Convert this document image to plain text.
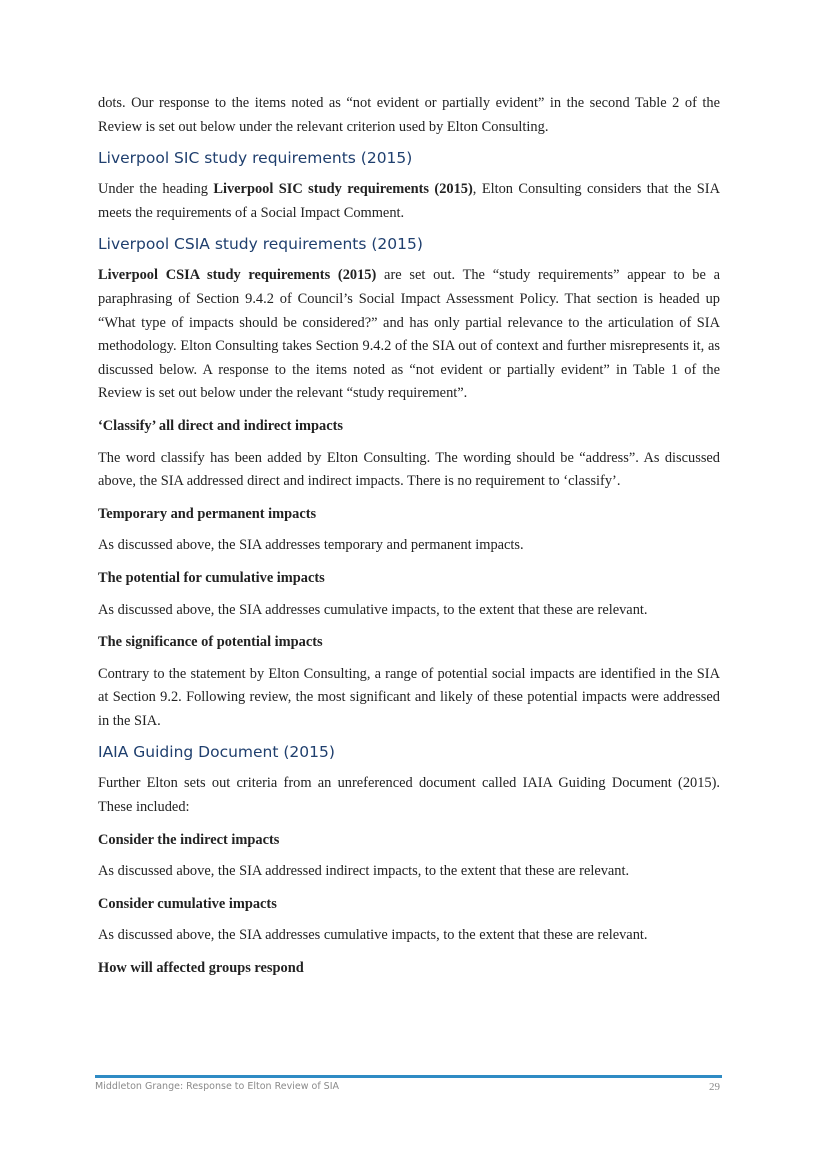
dots. Our response to the items noted as “not evident or partially evident” in the second Table 2 of the Review is set out below under the relevant criterion used by Elton Consulting.

Liverpool SIC study requirements (2015)

Under the heading Liverpool SIC study requirements (2015), Elton Consulting considers that the SIA meets the requirements of a Social Impact Comment.

Liverpool CSIA study requirements (2015)

Liverpool CSIA study requirements (2015) are set out. The “study requirements” appear to be a paraphrasing of Section 9.4.2 of Council’s Social Impact Assessment Policy. That section is headed up “What type of impacts should be considered?” and has only partial relevance to the articulation of SIA methodology. Elton Consulting takes Section 9.4.2 of the SIA out of context and further misrepresents it, as discussed below. A response to the items noted as “not evident or partially evident” in Table 1 of the Review is set out below under the relevant “study requirement”.

‘Classify’ all direct and indirect impacts

The word classify has been added by Elton Consulting. The wording should be “address”. As discussed above, the SIA addressed direct and indirect impacts. There is no requirement to ‘classify’.

Temporary and permanent impacts

As discussed above, the SIA addresses temporary and permanent impacts.

The potential for cumulative impacts

As discussed above, the SIA addresses cumulative impacts, to the extent that these are relevant.

The significance of potential impacts

Contrary to the statement by Elton Consulting, a range of potential social impacts are identified in the SIA at Section 9.2. Following review, the most significant and likely of these potential impacts were addressed in the SIA.

IAIA Guiding Document (2015)

Further Elton sets out criteria from an unreferenced document called IAIA Guiding Document (2015). These included:

Consider the indirect impacts

As discussed above, the SIA addressed indirect impacts, to the extent that these are relevant.

Consider cumulative impacts

As discussed above, the SIA addresses cumulative impacts, to the extent that these are relevant.

How will affected groups respond

Middleton Grange: Response to Elton Review of SIA	29
